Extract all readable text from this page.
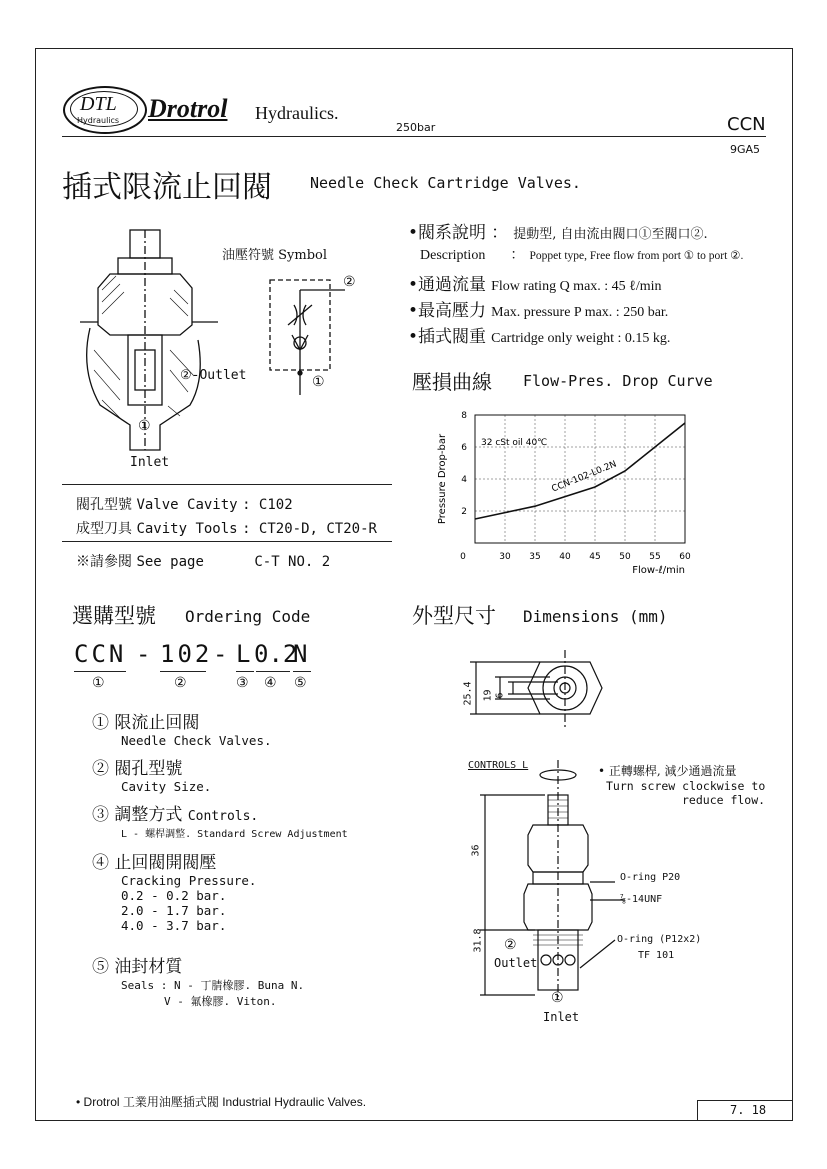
DTL
Hydraulics Drotrol Hydraulics.
250bar	CCN
9GA5
插式限流止回閥	Needle Check Cartridge Valves.
油壓符號 Symbol
②
①
②-Outlet
①
Inlet
•閥系說明 ： 提動型, 自由流由閥口①至閥口②.
Description ： Poppet type, Free flow from port ① to port ②.
•通過流量 Flow rating Q max. : 45 ℓ/min
•最高壓力 Max. pressure P max. : 250 bar.
•插式閥重 Cartridge only weight : 0.15 kg.
閥孔型號 Valve Cavity : C102
成型刀具 Cavity Tools : CT20-D, CT20-R
※請參閱 See page	C-T NO. 2
壓損曲線 Flow-Pres. Drop Curve
0	30 35 40 45 50 55 60
2
4
6
8
Flow-ℓ/min
Pressure Drop-bar	32 cSt oil 40℃
CCN-102-L0.2N
選購型號 Ordering Code
CCN - 102 - L 0.2
N
①	②	③ ④ ⑤
① 限流止回閥
Needle Check Valves.
② 閥孔型號
Cavity Size.
③ 調整方式 Controls.
L - 螺桿調整. Standard Screw Adjustment
④ 止回閥開閥壓
Cracking Pressure.
0.2 - 0.2 bar.
2.0 - 1.7 bar.
4.0 - 3.7 bar.
⑤ 油封材質
Seals : N - 丁腈橡膠. Buna N.
V - 氟橡膠. Viton.
外型尺寸 Dimensions (mm)
25.4 19 6
CONTROLS L	• 正轉螺桿, 減少通過流量
Turn screw clockwise to
reduce flow.
36
31.8
O-ring P20
⅞-14UNF
O-ring (P12x2)
TF 101
②
Outlet
①
Inlet
• Drotrol 工業用油壓插式閥 Industrial Hydraulic Valves.
7. 18
